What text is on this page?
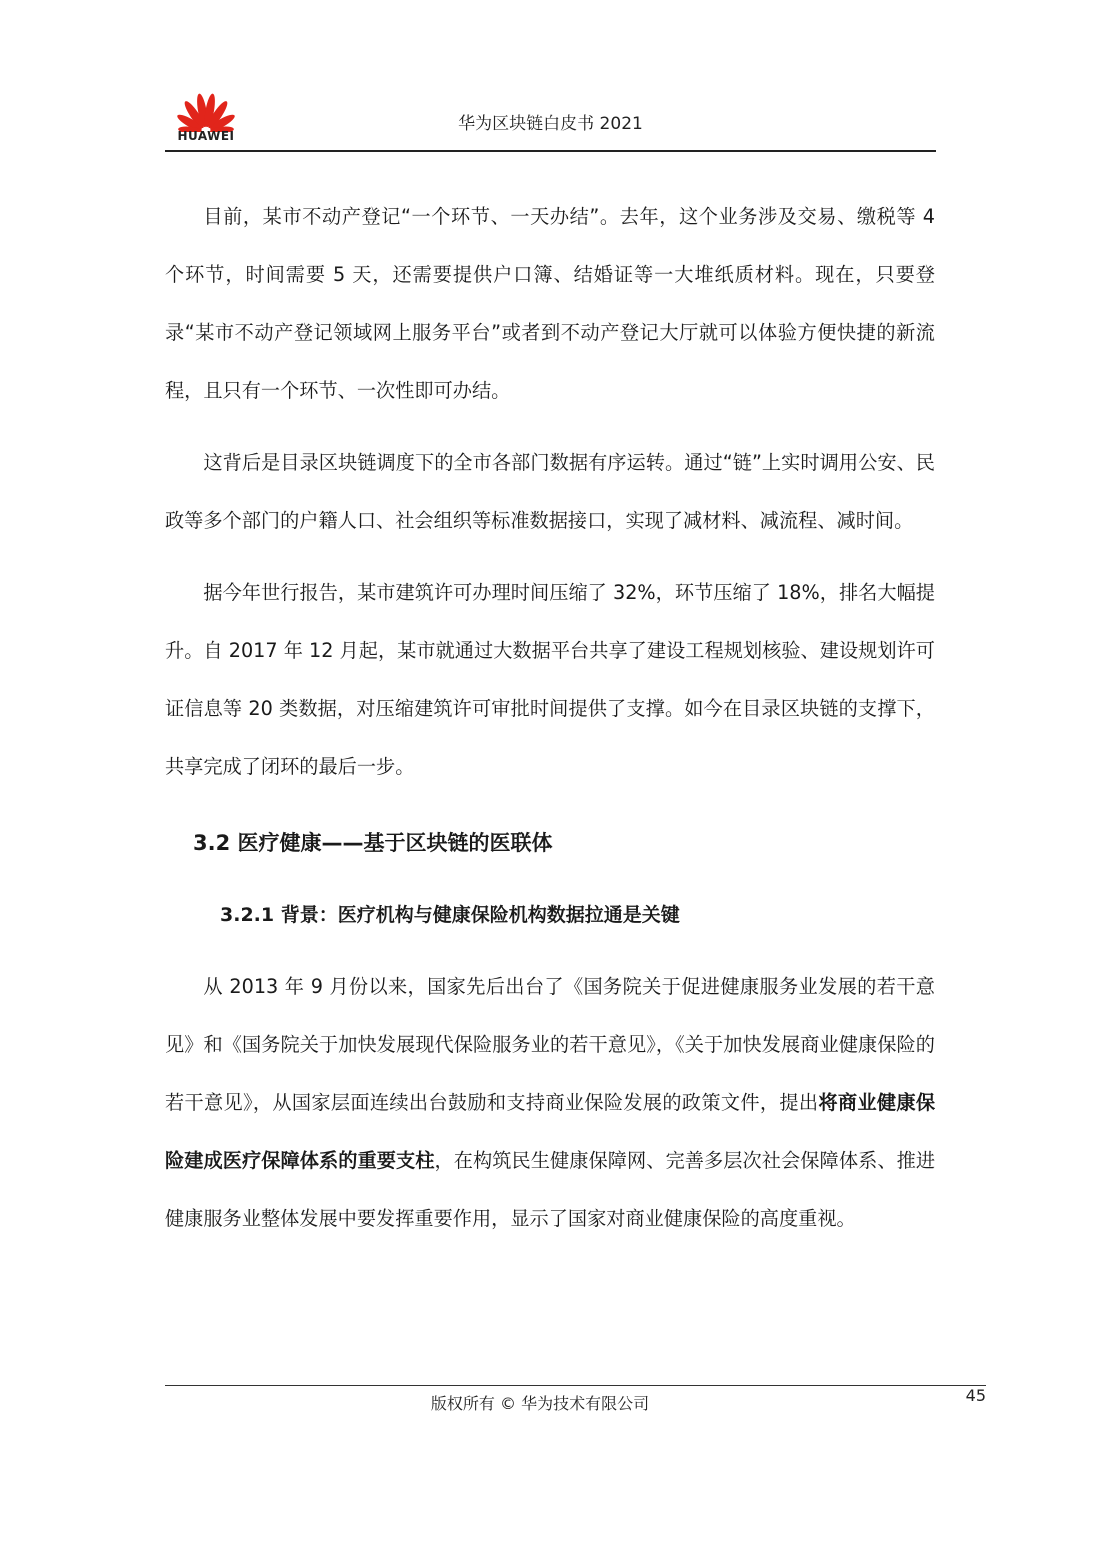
HUAWEI
华为区块链白皮书 2021

目前，某市不动产登记“一个环节、一天办结”。去年，这个业务涉及交易、缴税等 4 个环节，时间需要 5 天，还需要提供户口簿、结婚证等一大堆纸质材料。现在，只要登录“某市不动产登记领域网上服务平台”或者到不动产登记大厅就可以体验方便快捷的新流程，且只有一个环节、一次性即可办结。

这背后是目录区块链调度下的全市各部门数据有序运转。通过“链”上实时调用公安、民政等多个部门的户籍人口、社会组织等标准数据接口，实现了减材料、减流程、减时间。

据今年世行报告，某市建筑许可办理时间压缩了 32%，环节压缩了 18%，排名大幅提升。自 2017 年 12 月起，某市就通过大数据平台共享了建设工程规划核验、建设规划许可证信息等 20 类数据，对压缩建筑许可审批时间提供了支撑。如今在目录区块链的支撑下，共享完成了闭环的最后一步。

3.2 医疗健康——基于区块链的医联体
3.2.1 背景：医疗机构与健康保险机构数据拉通是关键

从 2013 年 9 月份以来，国家先后出台了《国务院关于促进健康服务业发展的若干意见》和《国务院关于加快发展现代保险服务业的若干意见》，《关于加快发展商业健康保险的若干意见》，从国家层面连续出台鼓励和支持商业保险发展的政策文件，提出将商业健康保险建成医疗保障体系的重要支柱，在构筑民生健康保障网、完善多层次社会保障体系、推进健康服务业整体发展中要发挥重要作用，显示了国家对商业健康保险的高度重视。

版权所有 © 华为技术有限公司	45
